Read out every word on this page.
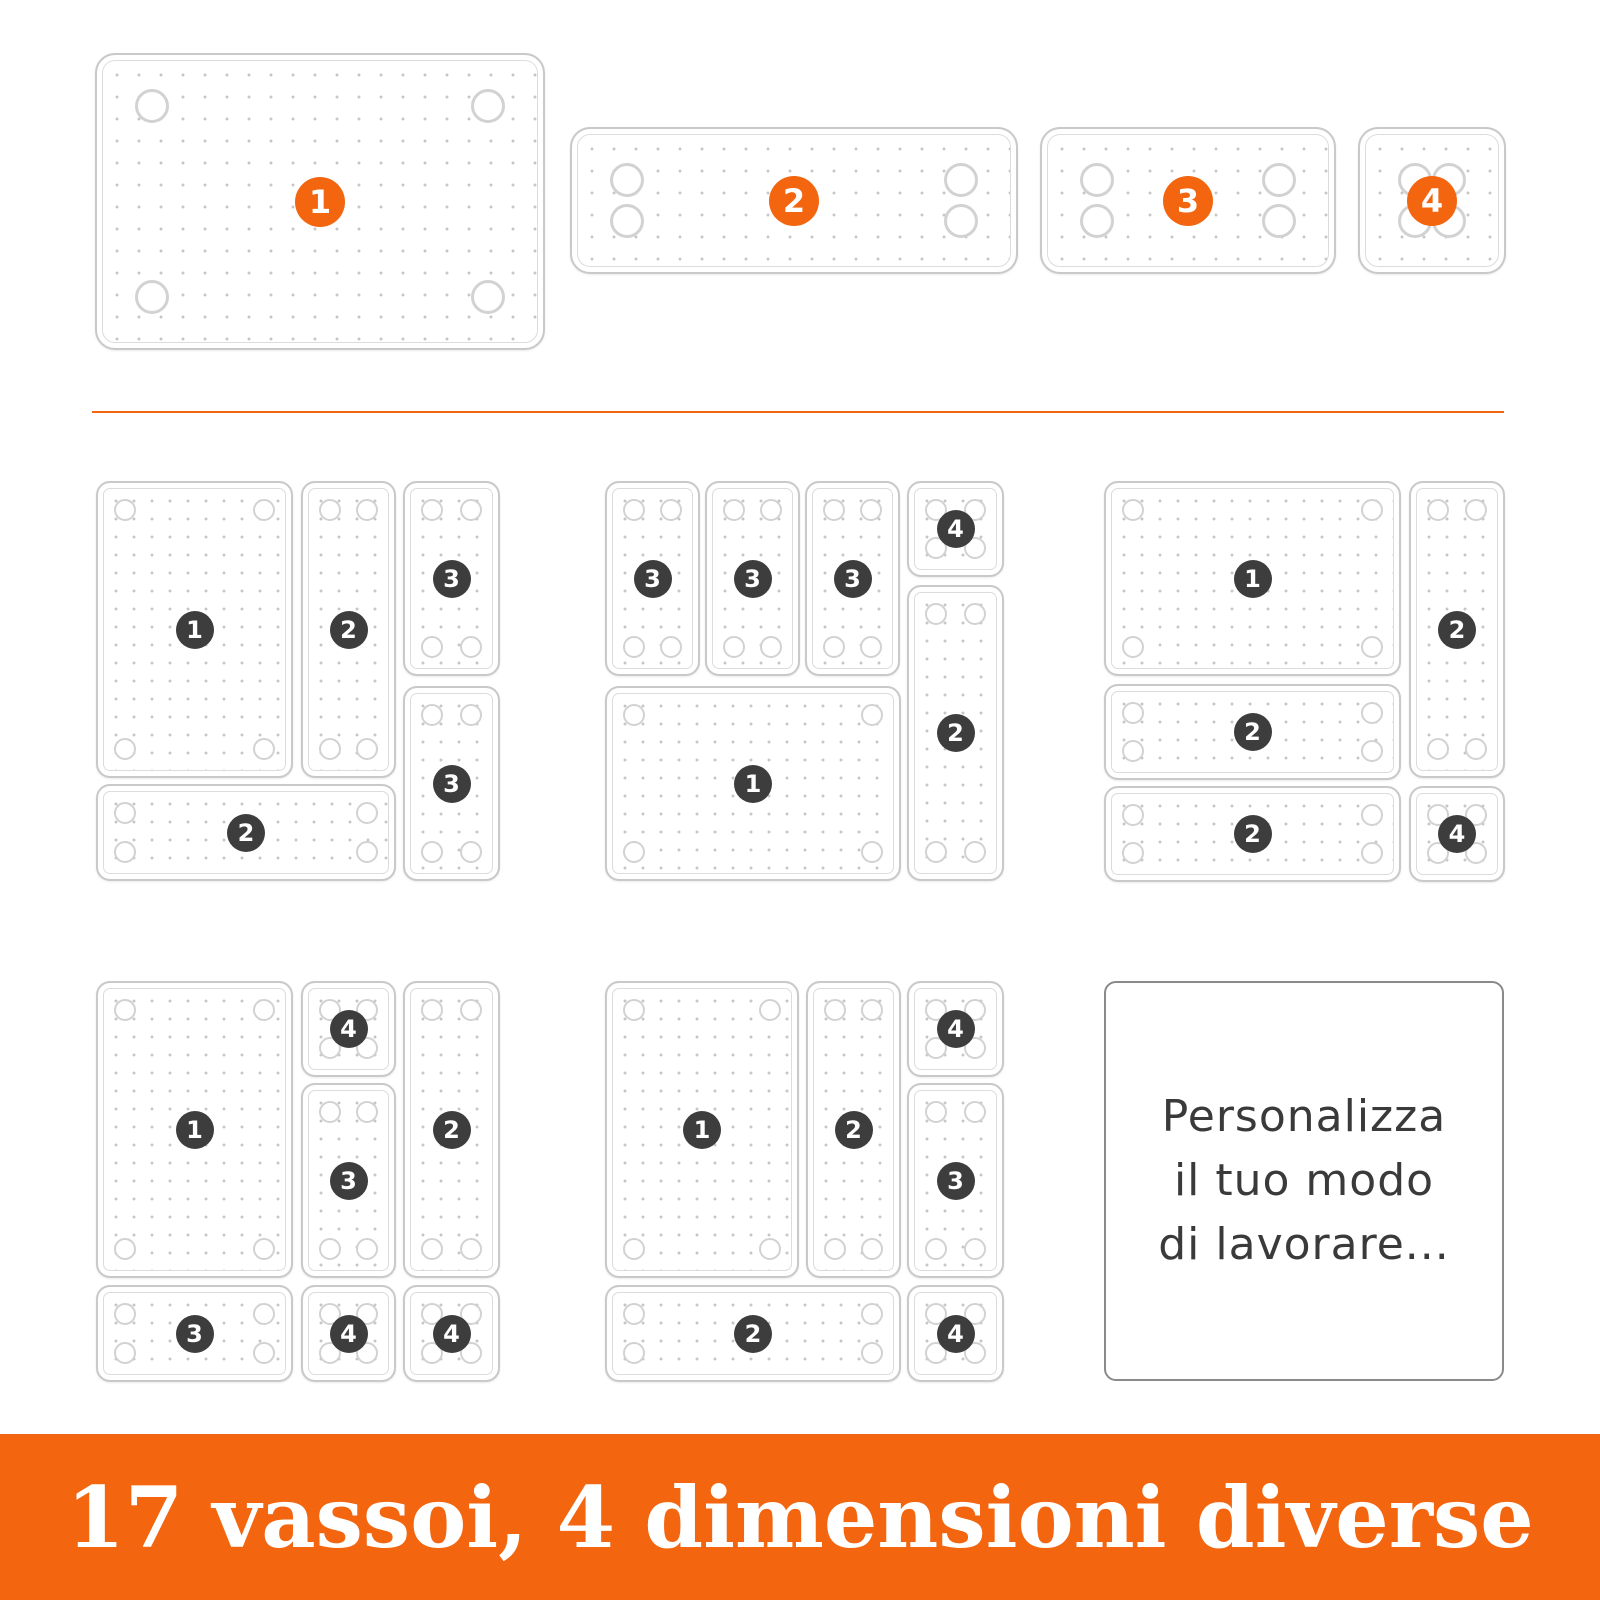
1	2	3	4
1	2
3
3
2
3	3	3
4
2
1
1
2
2
2	4
1
4
3
2
3	4	4
1	2
4
3
2	4
Personalizza
il tuo modo
di lavorare...
17 vassoi, 4 dimensioni diverse
